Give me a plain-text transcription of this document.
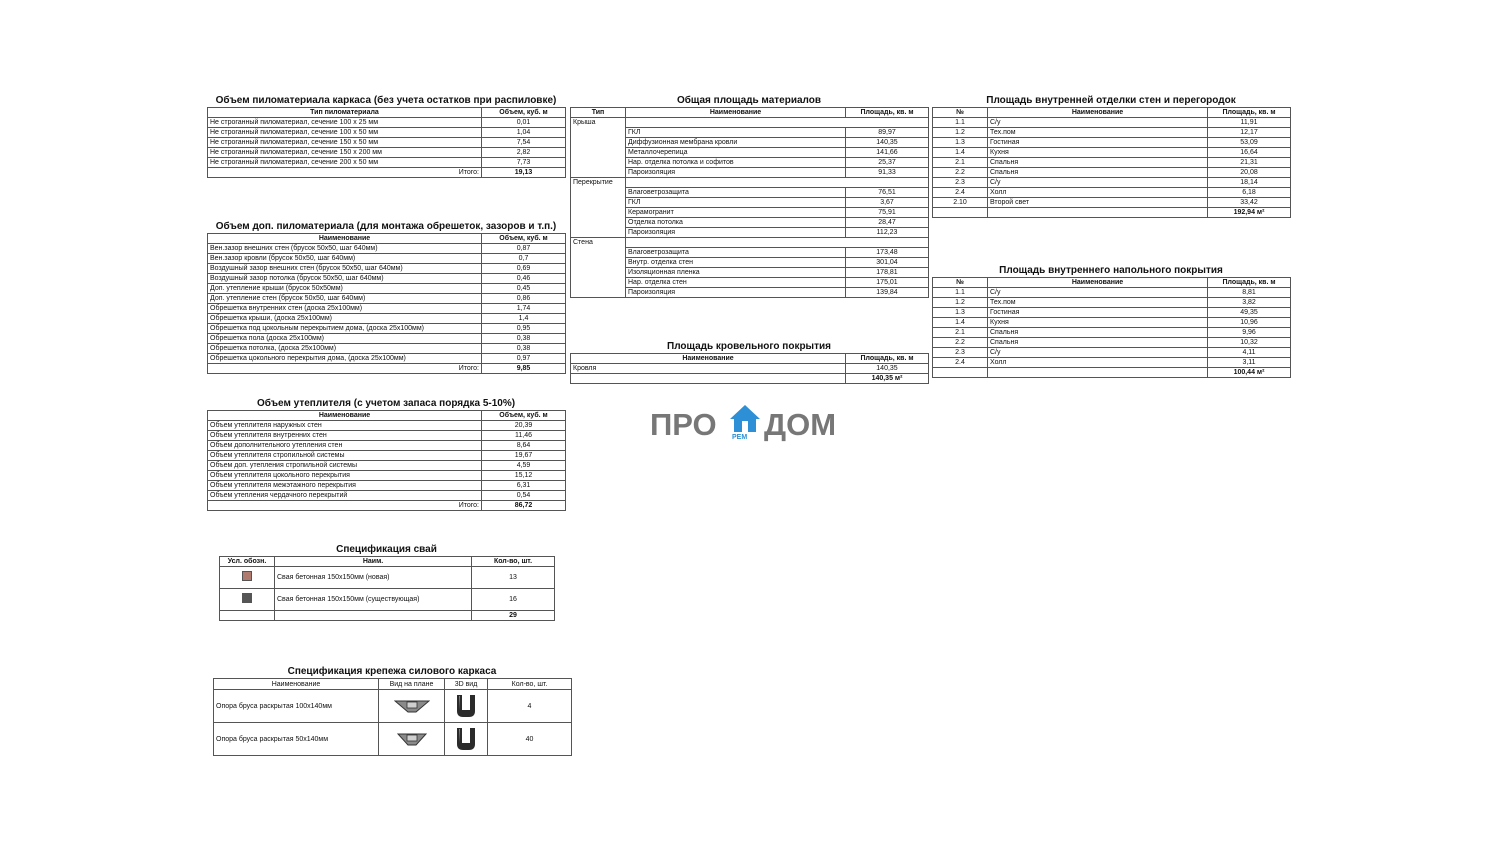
Объем пиломатериала каркаса (без учета остатков при распиловке)
Тип пиломатериала	Объем, куб. м
Не строганный пиломатериал, сечение 100 х 25 мм	0,01
Не строганный пиломатериал, сечение 100 х 50 мм	1,04
Не строганный пиломатериал, сечение 150 х 50 мм	7,54
Не строганный пиломатериал, сечение 150 х 200 мм	2,82
Не строганный пиломатериал, сечение 200 х 50 мм	7,73
Итого:	19,13
Объем доп. пиломатериала (для монтажа обрешеток, зазоров и т.п.)
Наименование	Объем, куб. м
Вен.зазор внешних стен (брусок 50х50, шаг 640мм)	0,87
Вен.зазор кровли (брусок 50х50, шаг 640мм)	0,7
Воздушный зазор внешних стен (брусок 50х50, шаг 640мм)	0,69
Воздушный зазор потолка (брусок 50х50, шаг 640мм)	0,46
Доп. утепление крыши (брусок 50х50мм)	0,45
Доп. утепление стен (брусок 50х50, шаг 640мм)	0,86
Обрешетка внутренних стен (доска 25х100мм)	1,74
Обрешетка крыши, (доска 25х100мм)	1,4
Обрешетка под цокольным перекрытием дома, (доска 25х100мм)	0,95
Обрешетка пола (доска 25х100мм)	0,38
Обрешетка потолка, (доска 25х100мм)	0,38
Обрешетка цокольного перекрытия дома, (доска 25х100мм)	0,97
Итого:	9,85
Объем утеплителя (с учетом запаса порядка 5-10%)
Наименование	Объем, куб. м
Объем утеплителя наружных стен	20,39
Объем утеплителя внутренних стен	11,46
Объем дополнительного утепления стен	8,64
Объем утеплителя стропильной системы	19,67
Объем доп. утепления стропильной системы	4,59
Объем утеплителя цокольного перекрытия	15,12
Объем утеплителя межэтажного перекрытия	6,31
Объем утепления чердачного перекрытий	0,54
Итого:	86,72
Спецификация свай
Усл. обозн.	Наим.	Кол-во, шт.
	Свая бетонная 150х150мм (новая)	13
	Свая бетонная 150х150мм (существующая)	16
		29
Спецификация крепежа силового каркаса
Наименование	Вид на плане	3D вид	Кол-во, шт.
Опора бруса раскрытая 100х140мм			4
Опора бруса раскрытая 50х140мм			40
Общая площадь материалов
Тип	Наименование	Площадь, кв. м
Крыша		
	ГКЛ	89,97
	Диффузионная мембрана кровли	140,35
	Металлочерепица	141,66
	Нар. отделка потолка и софитов	25,37
	Пароизоляция	91,33
Перекрытие		
	Влаговетрозащита	76,51
	ГКЛ	3,67
	Керамогранит	75,91
	Отделка потолка	28,47
	Пароизоляция	112,23
Стена		
	Влаговетрозащита	173,48
	Внутр. отделка стен	301,04
	Изоляционная пленка	178,81
	Нар. отделка стен	175,01
	Пароизоляция	139,84
Площадь кровельного покрытия
Наименование	Площадь, кв. м
Кровля	140,35
	140,35 м²
Площадь внутренней отделки стен и перегородок
№	Наименование	Площадь, кв. м
1.1	С/у	11,91
1.2	Тех.пом	12,17
1.3	Гостиная	53,09
1.4	Кухня	16,64
2.1	Спальня	21,31
2.2	Спальня	20,08
2.3	С/у	18,14
2.4	Холл	6,18
2.10	Второй свет	33,42
		192,94 м²
Площадь внутреннего напольного покрытия
№	Наименование	Площадь, кв. м
1.1	С/у	8,81
1.2	Тех.пом	3,82
1.3	Гостиная	49,35
1.4	Кухня	10,96
2.1	Спальня	9,96
2.2	Спальня	10,32
2.3	С/у	4,11
2.4	Холл	3,11
		100,44 м²
ПРО РЕМ ДОМ
